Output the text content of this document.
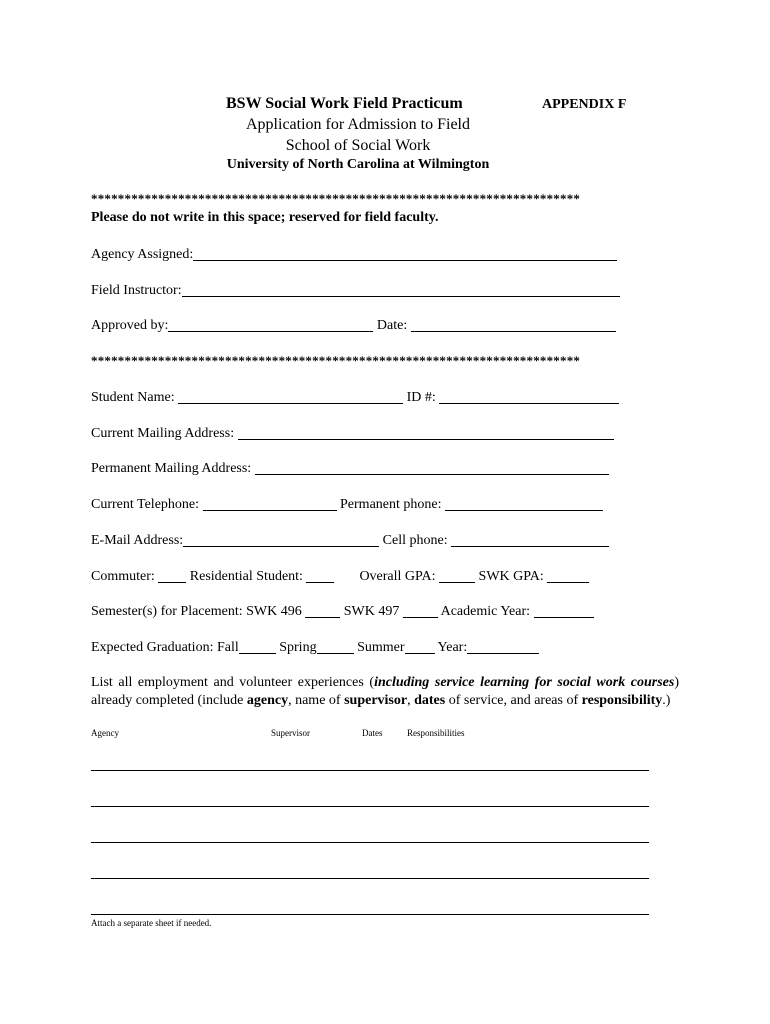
BSW Social Work Field Practicum	APPENDIX F
Application for Admission to Field
School of Social Work
University of North Carolina at Wilmington
*************************************************************************
Please do not write in this space; reserved for field faculty.
Agency Assigned:
Field Instructor:
Approved by:	Date:
*************************************************************************
Student Name:	ID #:
Current Mailing Address:
Permanent Mailing Address:
Current Telephone:	Permanent phone:
E-Mail Address:	Cell phone:
Commuter:	Residential Student:	Overall GPA:	SWK GPA:
Semester(s) for Placement: SWK 496	SWK 497	Academic Year:
Expected Graduation: Fall	Spring	Summer Year:
List all employment and volunteer experiences (including service learning for social work courses) already completed (include agency, name of supervisor, dates of service, and areas of responsibility.)
Agency	Supervisor	Dates	Responsibilities
Attach a separate sheet if needed.
